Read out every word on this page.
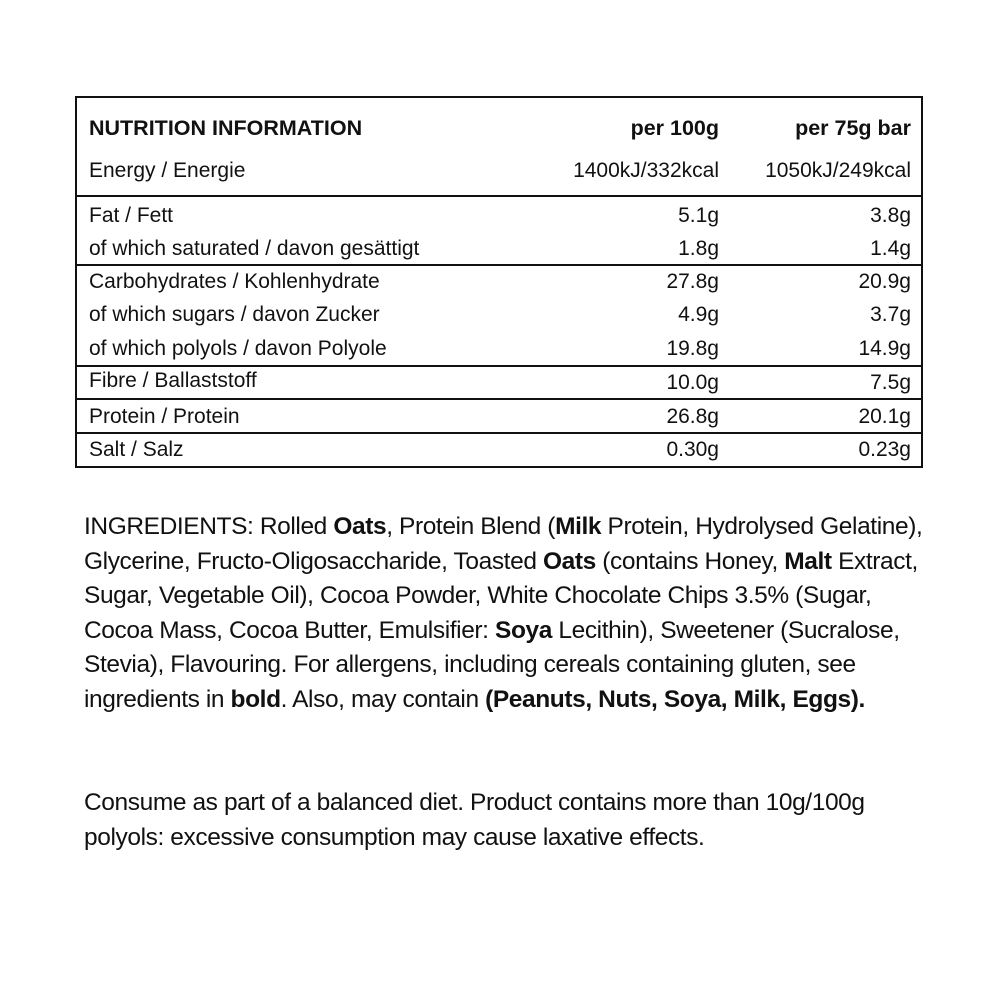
NUTRITION INFORMATION	per 100g	per 75g bar
Energy / Energie	1400kJ/332kcal 1050kJ/249kcal
Fat / Fett	5.1g	3.8g
of which saturated / davon gesättigt	1.8g	1.4g
Carbohydrates / Kohlenhydrate	27.8g	20.9g
of which sugars / davon Zucker	4.9g	3.7g
of which polyols / davon Polyole	19.8g	14.9g
Fibre / Ballaststoff	10.0g	7.5g
Protein / Protein	26.8g	20.1g
Salt / Salz	0.30g	0.23g

INGREDIENTS: Rolled Oats, Protein Blend (Milk Protein, Hydrolysed Gelatine), Glycerine, Fructo-Oligosaccharide, Toasted Oats (contains Honey, Malt Extract, Sugar, Vegetable Oil), Cocoa Powder, White Chocolate Chips 3.5% (Sugar, Cocoa Mass, Cocoa Butter, Emulsifier: Soya Lecithin), Sweetener (Sucralose, Stevia), Flavouring. For allergens, including cereals containing gluten, see ingredients in bold. Also, may contain (Peanuts, Nuts, Soya, Milk, Eggs).

Consume as part of a balanced diet. Product contains more than 10g/100g polyols: excessive consumption may cause laxative effects.
